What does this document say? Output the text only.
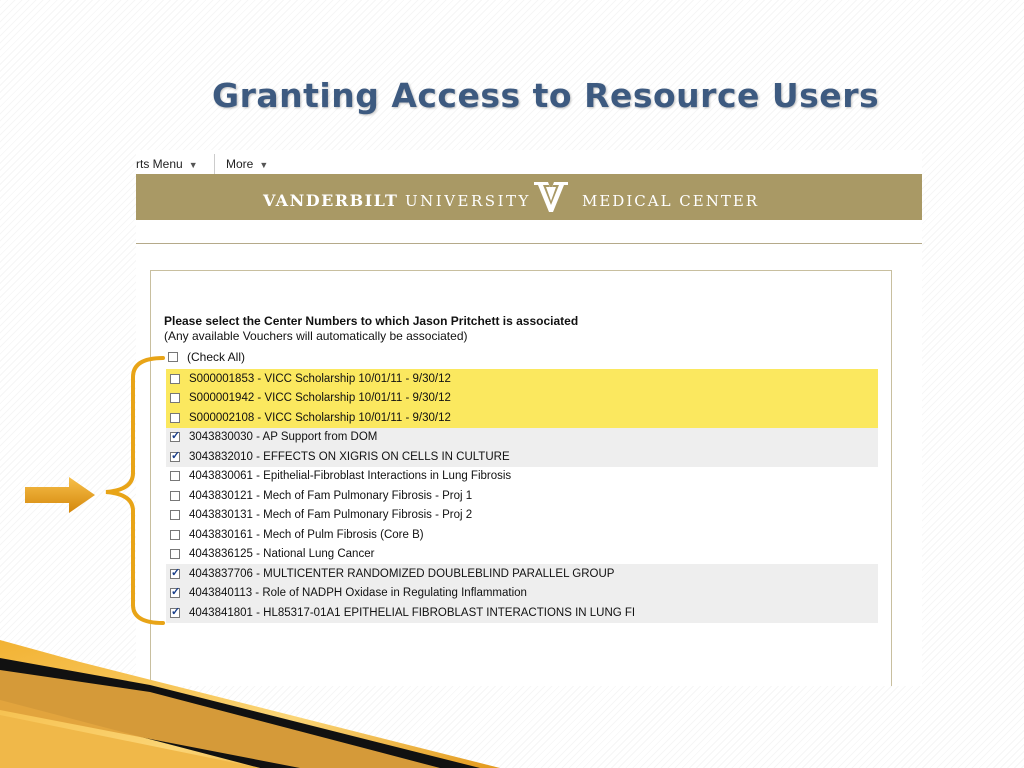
Granting Access to Resource Users
rts Menu ▼ More ▼
VANDERBILT UNIVERSITY	MEDICAL CENTER
Please select the Center Numbers to which Jason Pritchett is associated
(Any available Vouchers will automatically be associated)
(Check All)
S000001853 - VICC Scholarship 10/01/11 - 9/30/12
S000001942 - VICC Scholarship 10/01/11 - 9/30/12
S000002108 - VICC Scholarship 10/01/11 - 9/30/12
✓
3043830030 - AP Support from DOM
✓
3043832010 - EFFECTS ON XIGRIS ON CELLS IN CULTURE
4043830061 - Epithelial-Fibroblast Interactions in Lung Fibrosis
4043830121 - Mech of Fam Pulmonary Fibrosis - Proj 1
4043830131 - Mech of Fam Pulmonary Fibrosis - Proj 2
4043830161 - Mech of Pulm Fibrosis (Core B)
4043836125 - National Lung Cancer
✓
4043837706 - MULTICENTER RANDOMIZED DOUBLEBLIND PARALLEL GROUP
✓
4043840113 - Role of NADPH Oxidase in Regulating Inflammation
✓
4043841801 - HL85317-01A1 EPITHELIAL FIBROBLAST INTERACTIONS IN LUNG FI
